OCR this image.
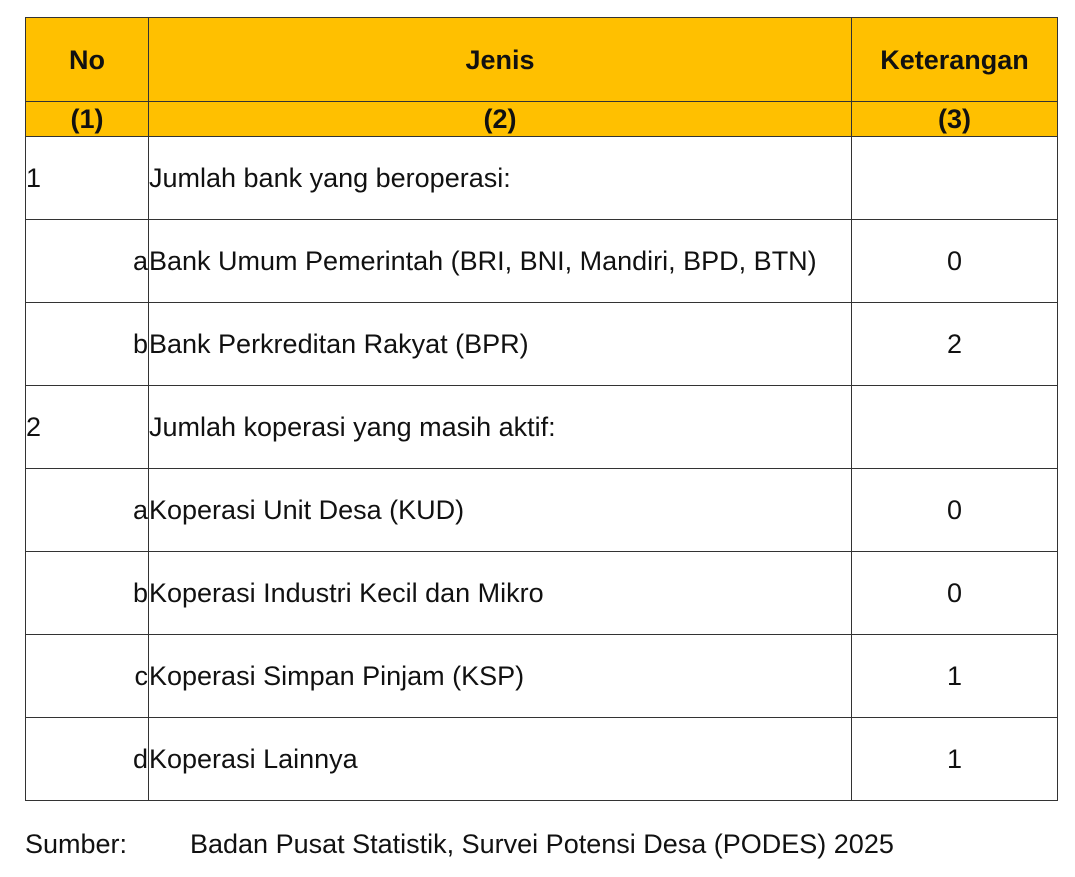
No	Jenis	Keterangan
(1)	(2)	(3)
1	Jumlah bank yang beroperasi:	
a	Bank Umum Pemerintah (BRI, BNI, Mandiri, BPD, BTN)	0
b	Bank Perkreditan Rakyat (BPR)	2
2	Jumlah koperasi yang masih aktif:	
a	Koperasi Unit Desa (KUD)	0
b	Koperasi Industri Kecil dan Mikro	0
c	Koperasi Simpan Pinjam (KSP)	1
d	Koperasi Lainnya	1
Sumber: Badan Pusat Statistik, Survei Potensi Desa (PODES) 2025
